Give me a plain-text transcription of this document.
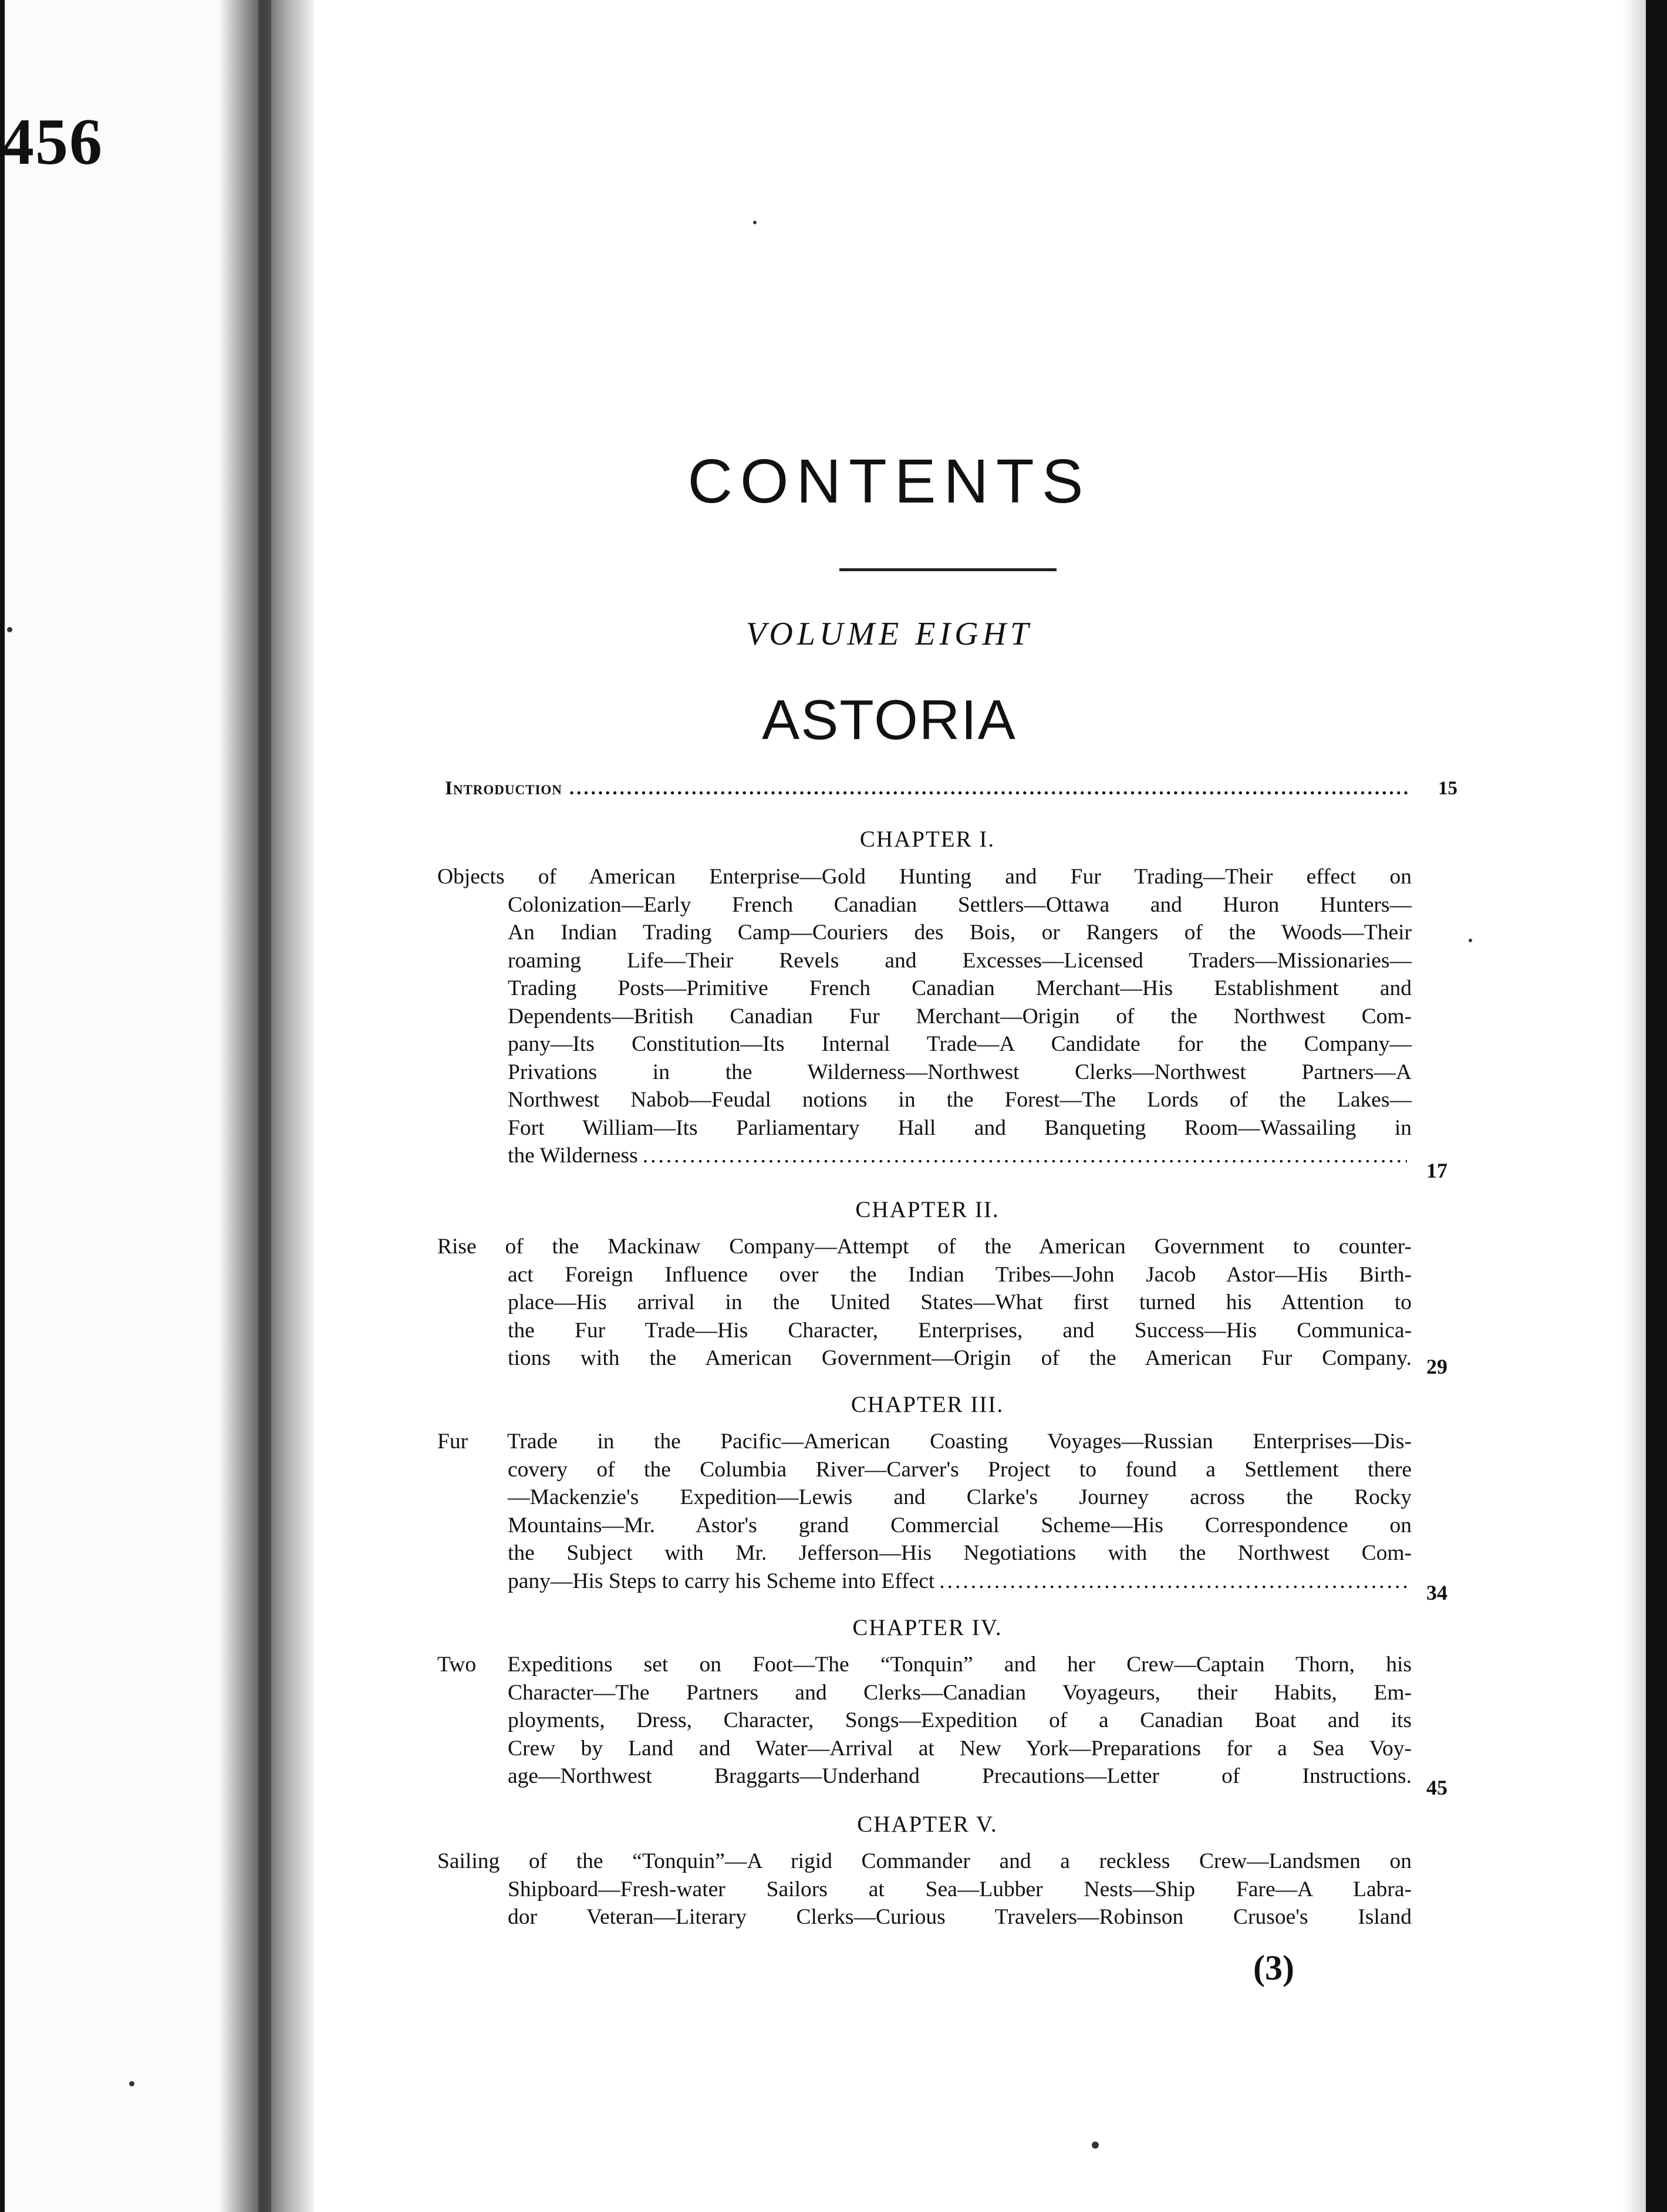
456
CONTENTS
VOLUME EIGHT
ASTORIA
Introduction .....	15
CHAPTER I.
Objects of American Enterprise—Gold Hunting and Fur Trading—Their effect on
Colonization—Early French Canadian Settlers—Ottawa and Huron Hunters—
An Indian Trading Camp—Couriers des Bois, or Rangers of the Woods—Their
roaming Life—Their Revels and Excesses—Licensed Traders—Missionaries—
Trading Posts—Primitive French Canadian Merchant—His Establishment and
Dependents—British Canadian Fur Merchant—Origin of the Northwest Com-
pany—Its Constitution—Its Internal Trade—A Candidate for the Company—
Privations in the Wilderness—Northwest Clerks—Northwest Partners—A
Northwest Nabob—Feudal notions in the Forest—The Lords of the Lakes—
Fort William—Its Parliamentary Hall and Banqueting Room—Wassailing in
the Wilderness
.....
17
CHAPTER II.
Rise of the Mackinaw Company—Attempt of the American Government to counter-
act Foreign Influence over the Indian Tribes—John Jacob Astor—His Birth-
place—His arrival in the United States—What first turned his Attention to
the Fur Trade—His Character, Enterprises, and Success—His Communica-
tions with the American Government—Origin of the American Fur Company. 29
CHAPTER III.
Fur Trade in the Pacific—American Coasting Voyages—Russian Enterprises—Dis-
covery of the Columbia River—Carver's Project to found a Settlement there
—Mackenzie's Expedition—Lewis and Clarke's Journey across the Rocky
Mountains—Mr. Astor's grand Commercial Scheme—His Correspondence on
the Subject with Mr. Jefferson—His Negotiations with the Northwest Com-
pany—His Steps to carry his Scheme into Effect .....	34
CHAPTER IV.
Two Expeditions set on Foot—The “Tonquin” and her Crew—Captain Thorn, his
Character—The Partners and Clerks—Canadian Voyageurs, their Habits, Em-
ployments, Dress, Character, Songs—Expedition of a Canadian Boat and its
Crew by Land and Water—Arrival at New York—Preparations for a Sea Voy-
age—Northwest Braggarts—Underhand Precautions—Letter of Instructions. 45
CHAPTER V.
Sailing of the “Tonquin”—A rigid Commander and a reckless Crew—Landsmen on
Shipboard—Fresh-water Sailors at Sea—Lubber Nests—Ship Fare—A Labra-
dor Veteran—Literary Clerks—Curious Travelers—Robinson Crusoe's Island
(3)
